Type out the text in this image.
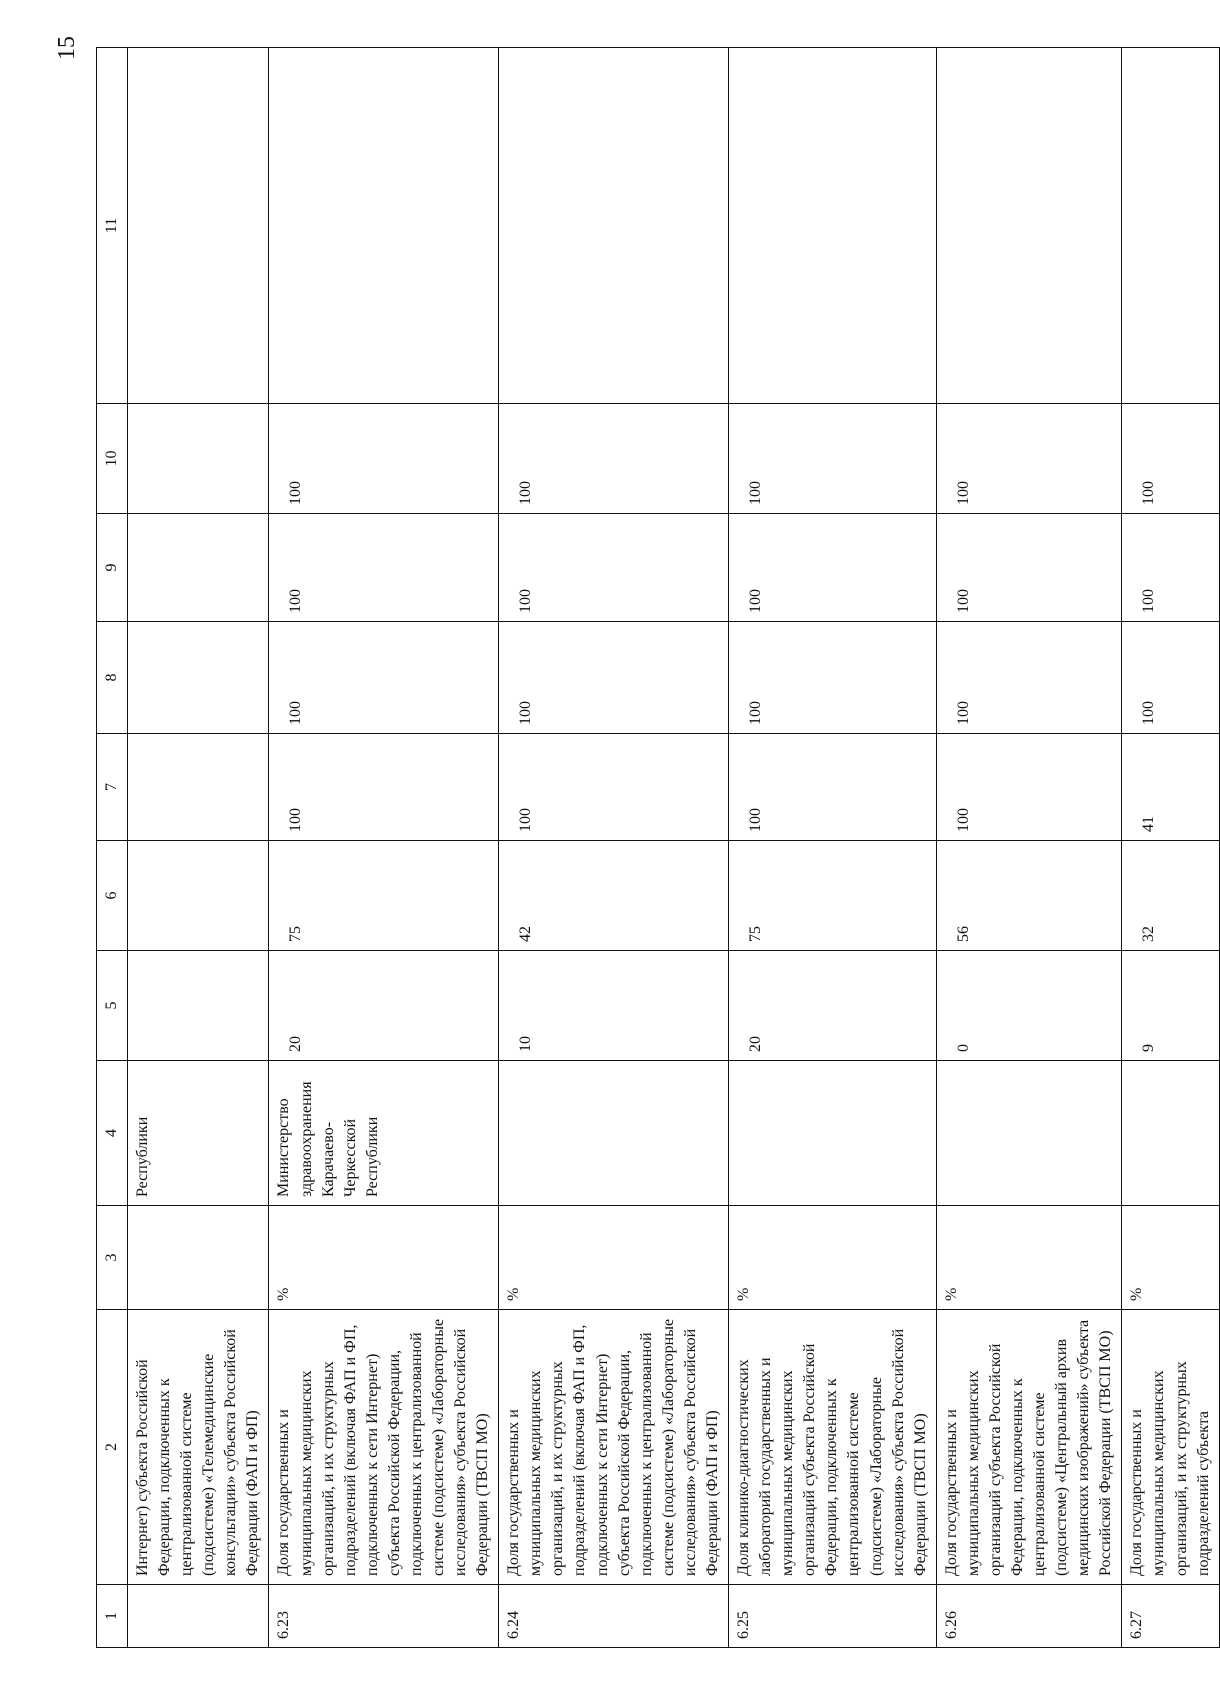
15
1	2	3	4	5	6	7	8	9	10	11
	Интернет) субъекта Российской Федерации, подключенных к централизованной системе (подсистеме) «Телемедицинские консультации» субъекта Российской Федерации (ФАП и ФП)		Республики							
6.23	Доля государственных и муниципальных медицинских организаций, и их структурных подразделений (включая ФАП и ФП, подключенных к сети Интернет) субъекта Российской Федерации, подключенных к централизованной системе (подсистеме) «Лабораторные исследования» субъекта Российской Федерации (ТВСП МО)	%	Министерство здравоохранения Карачаево-Черкесской Республики	20	75	100	100	100	100	
6.24	Доля государственных и муниципальных медицинских организаций, и их структурных подразделений (включая ФАП и ФП, подключенных к сети Интернет) субъекта Российской Федерации, подключенных к централизованной системе (подсистеме) «Лабораторные исследования» субъекта Российской Федерации (ФАП и ФП)	%		10	42	100	100	100	100	
6.25	Доля клинико-диагностических лабораторий государственных и муниципальных медицинских организаций субъекта Российской Федерации, подключенных к централизованной системе (подсистеме) «Лабораторные исследования» субъекта Российской Федерации (ТВСП МО)	%		20	75	100	100	100	100	
6.26	Доля государственных и муниципальных медицинских организаций субъекта Российской Федерации, подключенных к централизованной системе (подсистеме) «Центральный архив медицинских изображений» субъекта Российской Федерации (ТВСП МО)	%		0	56	100	100	100	100	
6.27	Доля государственных и муниципальных медицинских организаций, и их структурных подразделений субъекта	%		9	32	41	100	100	100	
